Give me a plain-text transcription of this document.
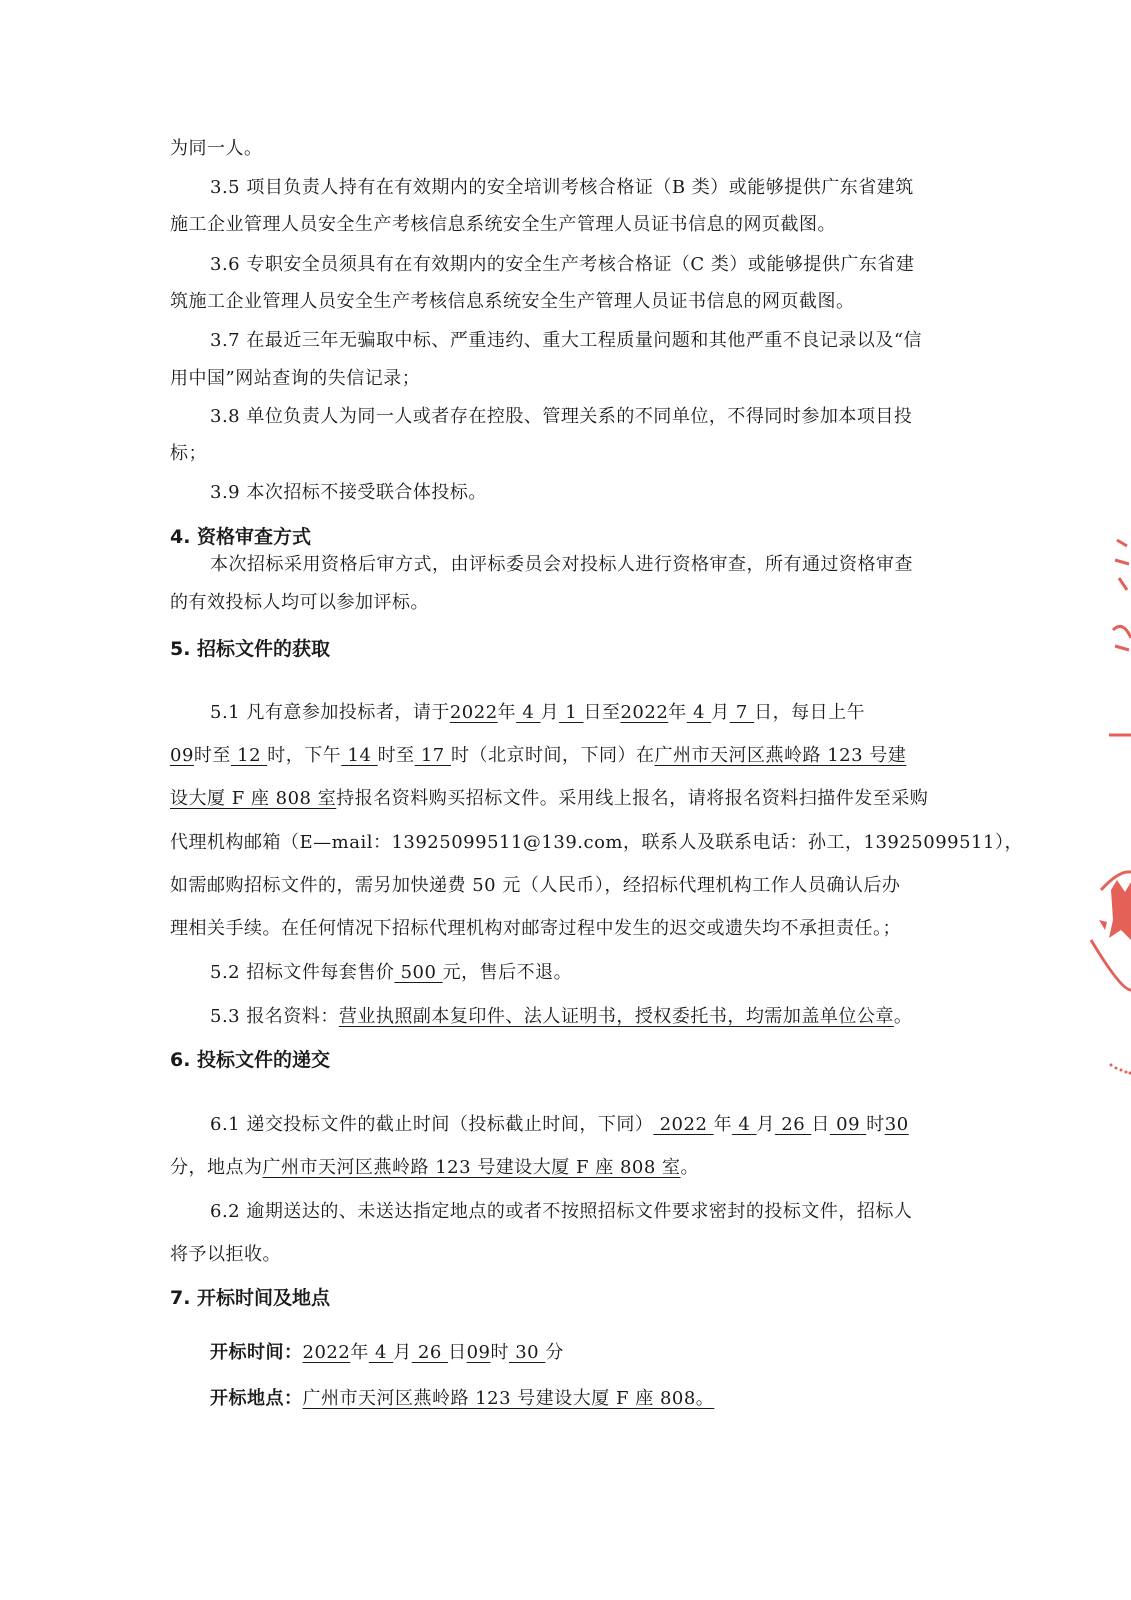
为同一人。

3.5 项目负责人持有在有效期内的安全培训考核合格证（B 类）或能够提供广东省建筑

施工企业管理人员安全生产考核信息系统安全生产管理人员证书信息的网页截图。

3.6 专职安全员须具有在有效期内的安全生产考核合格证（C 类）或能够提供广东省建

筑施工企业管理人员安全生产考核信息系统安全生产管理人员证书信息的网页截图。

3.7 在最近三年无骗取中标、严重违约、重大工程质量问题和其他严重不良记录以及“信

用中国”网站查询的失信记录；

3.8 单位负责人为同一人或者存在控股、管理关系的不同单位，不得同时参加本项目投

标；

3.9 本次招标不接受联合体投标。

4. 资格审查方式

本次招标采用资格后审方式，由评标委员会对投标人进行资格审查，所有通过资格审查

的有效投标人均可以参加评标。

5. 招标文件的获取

5.1 凡有意参加投标者，请于2022年 4 月 1 日至2022年 4 月 7 日，每日上午

09时至 12 时，下午 14 时至 17 时（北京时间，下同）在广州市天河区燕岭路 123 号建

设大厦 F 座 808 室持报名资料购买招标文件。采用线上报名，请将报名资料扫描件发至采购

代理机构邮箱（E—mail：13925099511@139.com，联系人及联系电话：孙工，13925099511），

如需邮购招标文件的，需另加快递费 50 元（人民币），经招标代理机构工作人员确认后办

理相关手续。在任何情况下招标代理机构对邮寄过程中发生的迟交或遗失均不承担责任。；

5.2 招标文件每套售价 500 元，售后不退。

5.3 报名资料：营业执照副本复印件、法人证明书，授权委托书，均需加盖单位公章。

6. 投标文件的递交

6.1 递交投标文件的截止时间（投标截止时间，下同） 2022 年 4 月 26 日 09 时30

分，地点为广州市天河区燕岭路 123 号建设大厦 F 座 808 室。

6.2 逾期送达的、未送达指定地点的或者不按照招标文件要求密封的投标文件，招标人

将予以拒收。

7. 开标时间及地点

开标时间：2022年 4 月 26 日09时 30 分

开标地点：广州市天河区燕岭路 123 号建设大厦 F 座 808。
